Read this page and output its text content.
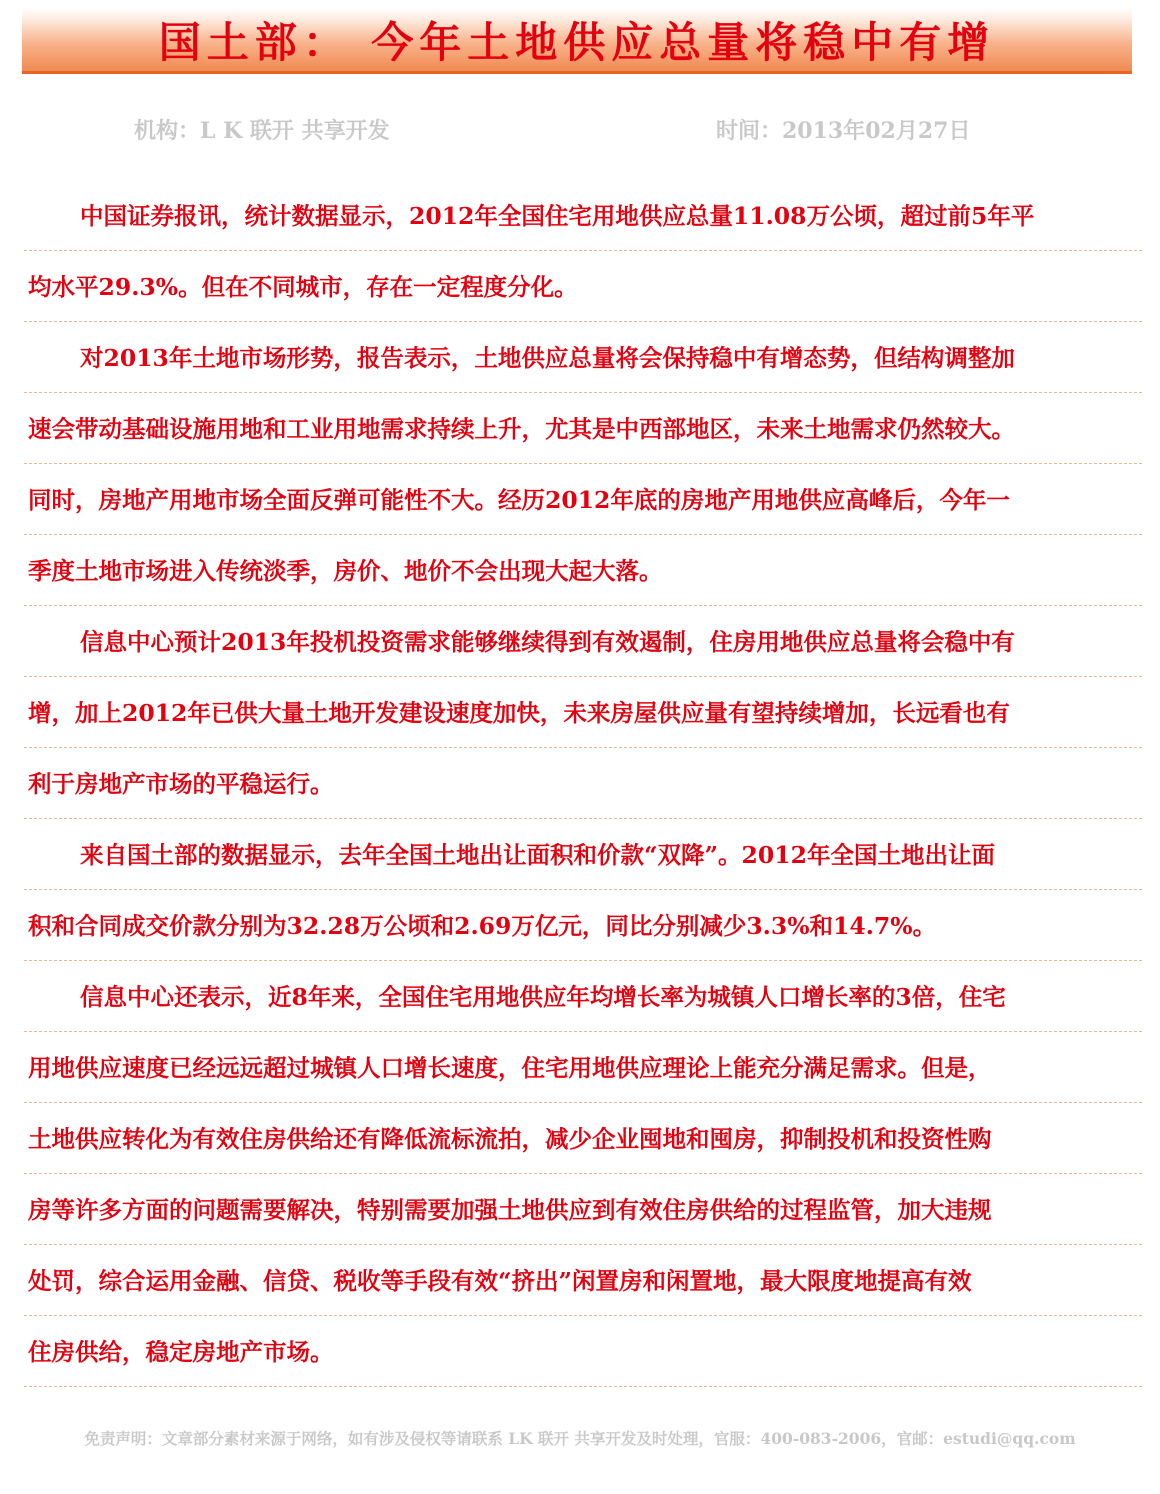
国土部： 今年土地供应总量将稳中有增
机构：L K 联开 共享开发	时间：2013年02月27日
中国证券报讯，统计数据显示，2012年全国住宅用地供应总量11.08万公顷，超过前5年平
均水平29.3%。但在不同城市，存在一定程度分化。
对2013年土地市场形势，报告表示，土地供应总量将会保持稳中有增态势，但结构调整加
速会带动基础设施用地和工业用地需求持续上升，尤其是中西部地区，未来土地需求仍然较大。
同时，房地产用地市场全面反弹可能性不大。经历2012年底的房地产用地供应高峰后，今年一
季度土地市场进入传统淡季，房价、地价不会出现大起大落。
信息中心预计2013年投机投资需求能够继续得到有效遏制，住房用地供应总量将会稳中有
增，加上2012年已供大量土地开发建设速度加快，未来房屋供应量有望持续增加，长远看也有
利于房地产市场的平稳运行。
来自国土部的数据显示，去年全国土地出让面积和价款“双降”。2012年全国土地出让面
积和合同成交价款分别为32.28万公顷和2.69万亿元，同比分别减少3.3%和14.7%。
信息中心还表示，近8年来，全国住宅用地供应年均增长率为城镇人口增长率的3倍，住宅
用地供应速度已经远远超过城镇人口增长速度，住宅用地供应理论上能充分满足需求。但是，
土地供应转化为有效住房供给还有降低流标流拍，减少企业囤地和囤房，抑制投机和投资性购
房等许多方面的问题需要解决，特别需要加强土地供应到有效住房供给的过程监管，加大违规
处罚，综合运用金融、信贷、税收等手段有效“挤出”闲置房和闲置地，最大限度地提高有效
住房供给，稳定房地产市场。
免责声明：文章部分素材来源于网络，如有涉及侵权等请联系 LK 联开 共享开发及时处理，官服：400-083-2006，官邮：estudi@qq.com
